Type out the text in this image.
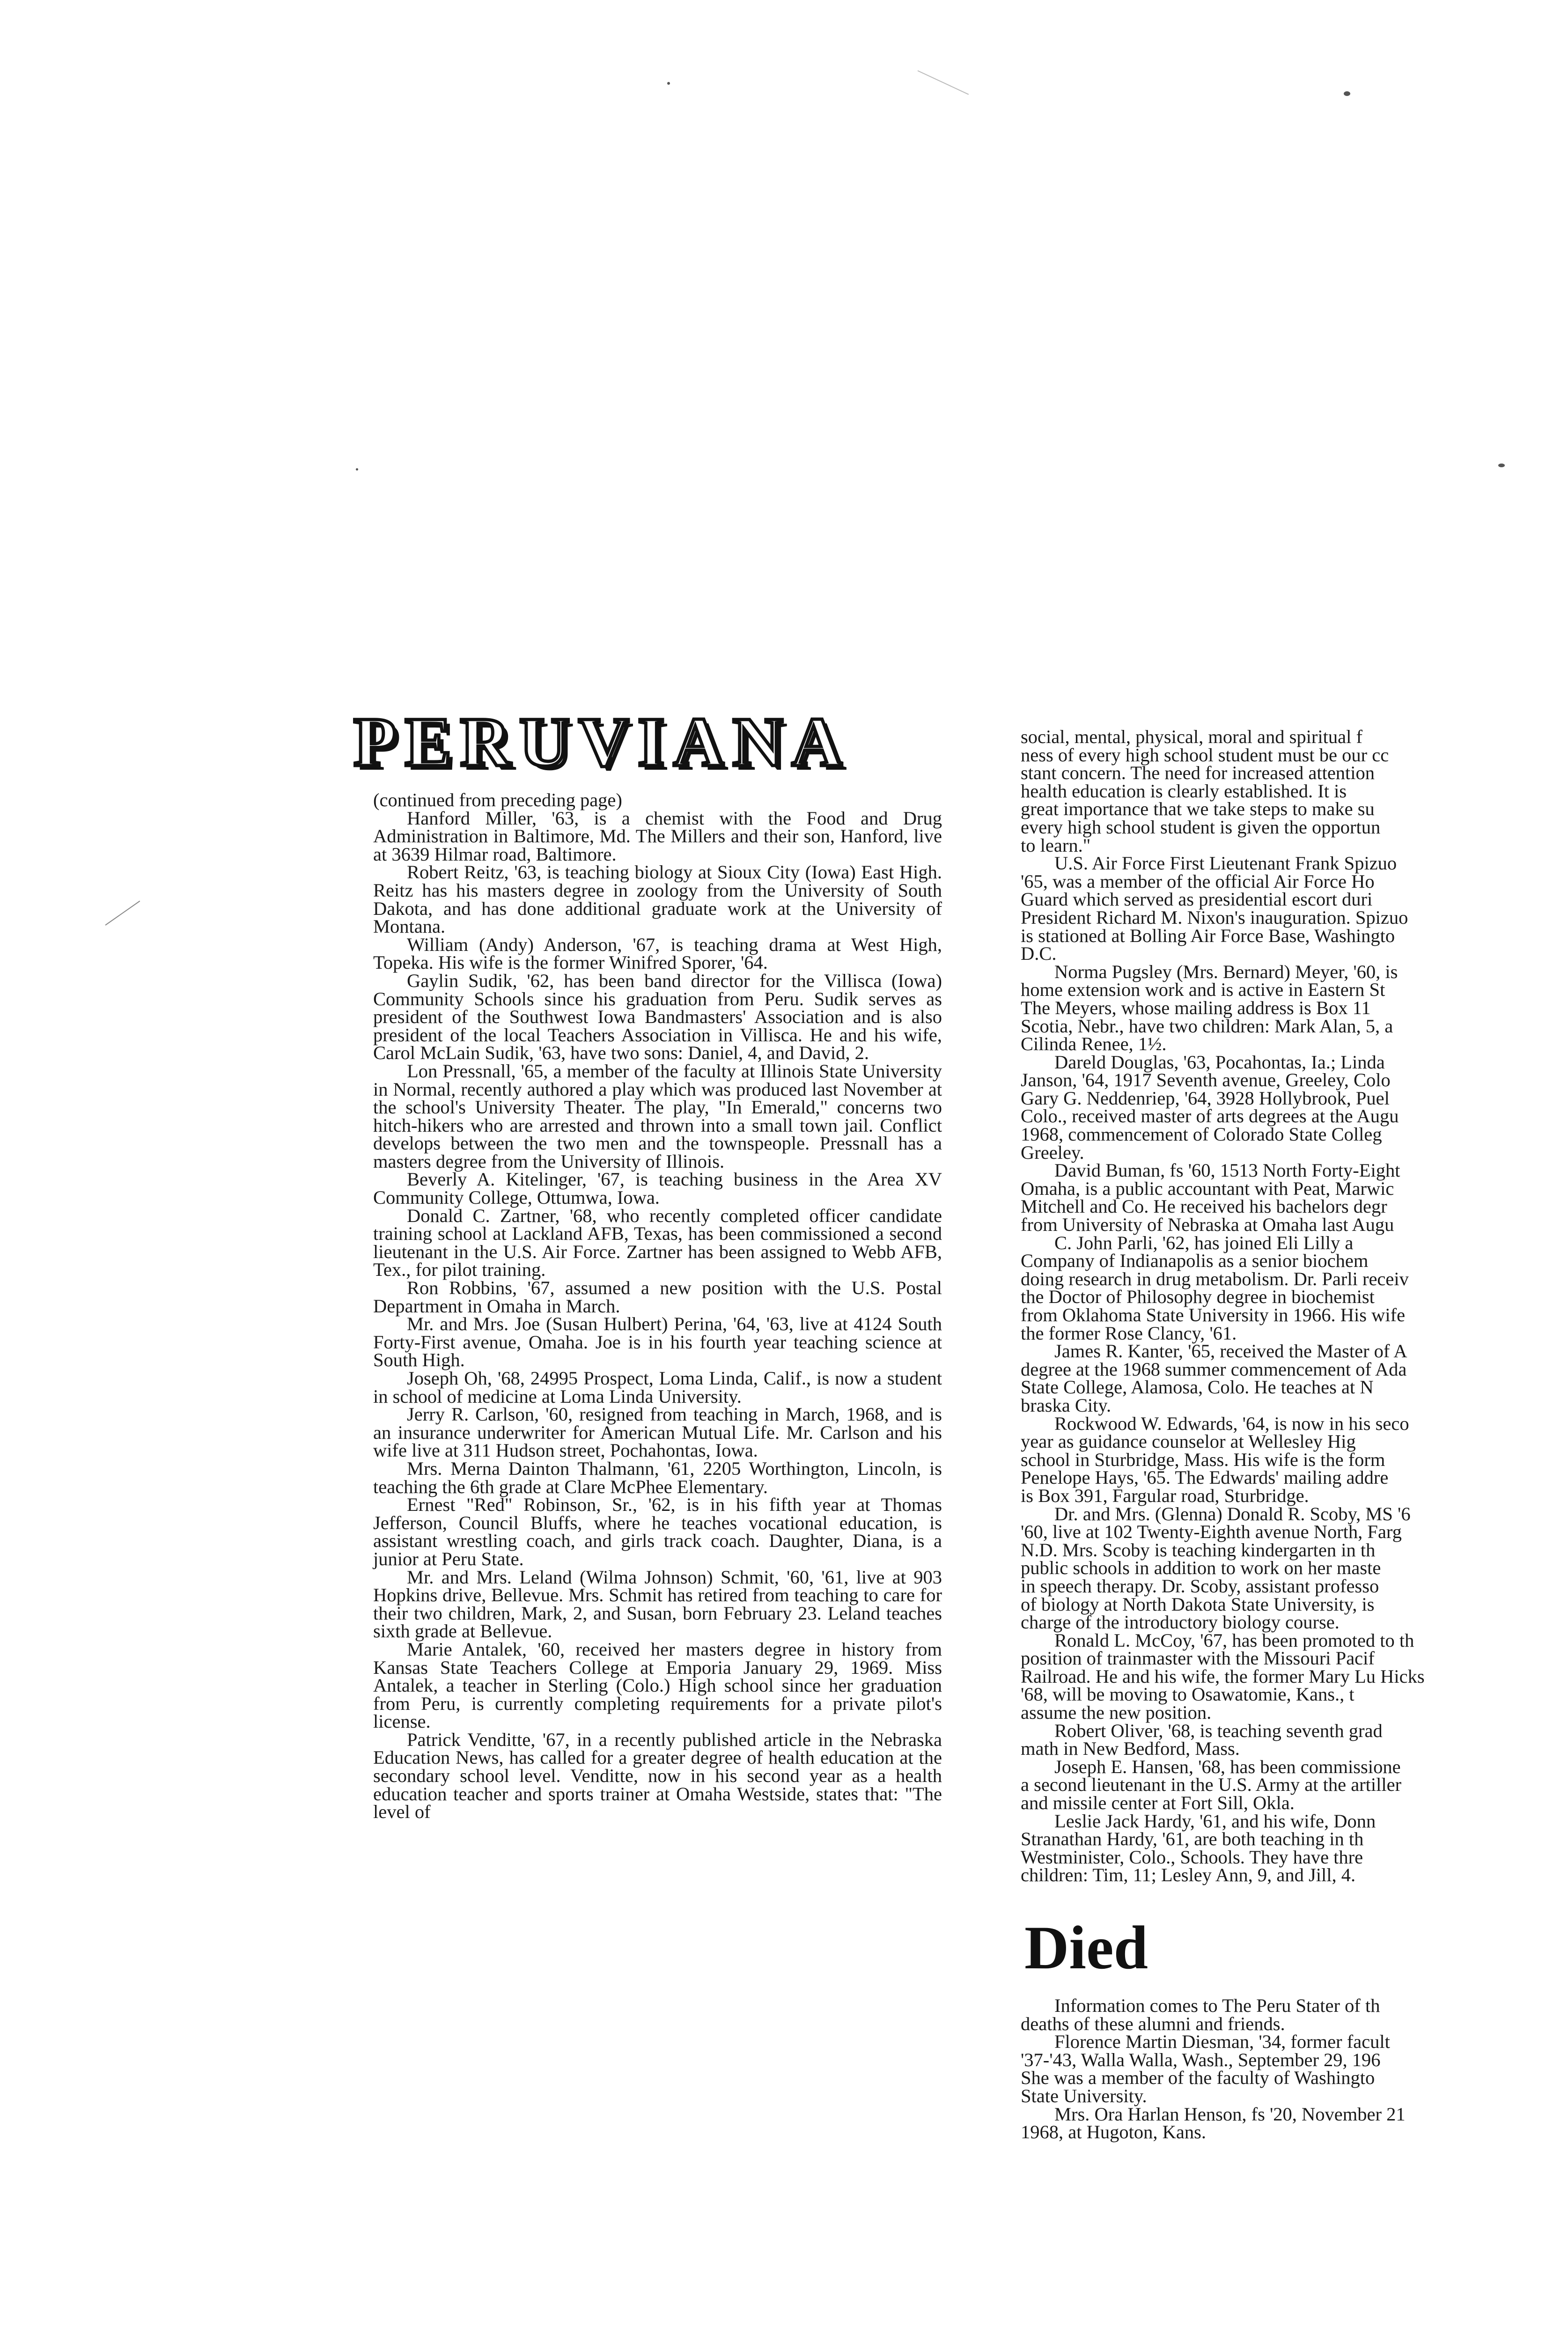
PERUVIANA

(continued from preceding page)

Hanford Miller, '63, is a chemist with the Food and Drug Administration in Baltimore, Md. The Millers and their son, Hanford, live at 3639 Hilmar road, Baltimore.

Robert Reitz, '63, is teaching biology at Sioux City (Iowa) East High. Reitz has his masters degree in zoology from the University of South Dakota, and has done additional graduate work at the University of Montana.

William (Andy) Anderson, '67, is teaching drama at West High, Topeka. His wife is the former Winifred Sporer, '64.

Gaylin Sudik, '62, has been band director for the Villisca (Iowa) Community Schools since his graduation from Peru. Sudik serves as president of the Southwest Iowa Bandmasters' Association and is also president of the local Teachers Association in Villisca. He and his wife, Carol McLain Sudik, '63, have two sons: Daniel, 4, and David, 2.

Lon Pressnall, '65, a member of the faculty at Illinois State University in Normal, recently authored a play which was produced last November at the school's University Theater. The play, "In Emerald," concerns two hitch-hikers who are arrested and thrown into a small town jail. Conflict develops between the two men and the townspeople. Pressnall has a masters degree from the University of Illinois.

Beverly A. Kitelinger, '67, is teaching business in the Area XV Community College, Ottumwa, Iowa.

Donald C. Zartner, '68, who recently completed officer candidate training school at Lackland AFB, Texas, has been commissioned a second lieutenant in the U.S. Air Force. Zartner has been assigned to Webb AFB, Tex., for pilot training.

Ron Robbins, '67, assumed a new position with the U.S. Postal Department in Omaha in March.

Mr. and Mrs. Joe (Susan Hulbert) Perina, '64, '63, live at 4124 South Forty-First avenue, Omaha. Joe is in his fourth year teaching science at South High.

Joseph Oh, '68, 24995 Prospect, Loma Linda, Calif., is now a student in school of medicine at Loma Linda University.

Jerry R. Carlson, '60, resigned from teaching in March, 1968, and is an insurance underwriter for American Mutual Life. Mr. Carlson and his wife live at 311 Hudson street, Pochahontas, Iowa.

Mrs. Merna Dainton Thalmann, '61, 2205 Worthington, Lincoln, is teaching the 6th grade at Clare McPhee Elementary.

Ernest "Red" Robinson, Sr., '62, is in his fifth year at Thomas Jefferson, Council Bluffs, where he teaches vocational education, is assistant wrestling coach, and girls track coach. Daughter, Diana, is a junior at Peru State.

Mr. and Mrs. Leland (Wilma Johnson) Schmit, '60, '61, live at 903 Hopkins drive, Bellevue. Mrs. Schmit has retired from teaching to care for their two children, Mark, 2, and Susan, born February 23. Leland teaches sixth grade at Bellevue.

Marie Antalek, '60, received her masters degree in history from Kansas State Teachers College at Emporia January 29, 1969. Miss Antalek, a teacher in Sterling (Colo.) High school since her graduation from Peru, is currently completing requirements for a private pilot's license.

Patrick Venditte, '67, in a recently published article in the Nebraska Education News, has called for a greater degree of health education at the secondary school level. Venditte, now in his second year as a health education teacher and sports trainer at Omaha Westside, states that: "The level of

social, mental, physical, moral and spiritual f

ness of every high school student must be our cc

stant concern. The need for increased attention

health education is clearly established. It is

great importance that we take steps to make su

every high school student is given the opportun

to learn."

U.S. Air Force First Lieutenant Frank Spizuo

'65, was a member of the official Air Force Ho

Guard which served as presidential escort duri

President Richard M. Nixon's inauguration. Spizuo

is stationed at Bolling Air Force Base, Washingto

D.C.

Norma Pugsley (Mrs. Bernard) Meyer, '60, is

home extension work and is active in Eastern St

The Meyers, whose mailing address is Box 11

Scotia, Nebr., have two children: Mark Alan, 5, a

Cilinda Renee, 1½.

Dareld Douglas, '63, Pocahontas, Ia.; Linda

Janson, '64, 1917 Seventh avenue, Greeley, Colo

Gary G. Neddenriep, '64, 3928 Hollybrook, Puel

Colo., received master of arts degrees at the Augu

1968, commencement of Colorado State Colleg

Greeley.

David Buman, fs '60, 1513 North Forty-Eight

Omaha, is a public accountant with Peat, Marwic

Mitchell and Co. He received his bachelors degr

from University of Nebraska at Omaha last Augu

C. John Parli, '62, has joined Eli Lilly a

Company of Indianapolis as a senior biochem

doing research in drug metabolism. Dr. Parli receiv

the Doctor of Philosophy degree in biochemist

from Oklahoma State University in 1966. His wife

the former Rose Clancy, '61.

James R. Kanter, '65, received the Master of A

degree at the 1968 summer commencement of Ada

State College, Alamosa, Colo. He teaches at N

braska City.

Rockwood W. Edwards, '64, is now in his seco

year as guidance counselor at Wellesley Hig

school in Sturbridge, Mass. His wife is the form

Penelope Hays, '65. The Edwards' mailing addre

is Box 391, Fargular road, Sturbridge.

Dr. and Mrs. (Glenna) Donald R. Scoby, MS '6

'60, live at 102 Twenty-Eighth avenue North, Farg

N.D. Mrs. Scoby is teaching kindergarten in th

public schools in addition to work on her maste

in speech therapy. Dr. Scoby, assistant professo

of biology at North Dakota State University, is

charge of the introductory biology course.

Ronald L. McCoy, '67, has been promoted to th

position of trainmaster with the Missouri Pacif

Railroad. He and his wife, the former Mary Lu Hicks

'68, will be moving to Osawatomie, Kans., t

assume the new position.

Robert Oliver, '68, is teaching seventh grad

math in New Bedford, Mass.

Joseph E. Hansen, '68, has been commissione

a second lieutenant in the U.S. Army at the artiller

and missile center at Fort Sill, Okla.

Leslie Jack Hardy, '61, and his wife, Donn

Stranathan Hardy, '61, are both teaching in th

Westminister, Colo., Schools. They have thre

children: Tim, 11; Lesley Ann, 9, and Jill, 4.

Died

Information comes to The Peru Stater of th

deaths of these alumni and friends.

Florence Martin Diesman, '34, former facult

'37-'43, Walla Walla, Wash., September 29, 196

She was a member of the faculty of Washingto

State University.

Mrs. Ora Harlan Henson, fs '20, November 21

1968, at Hugoton, Kans.
